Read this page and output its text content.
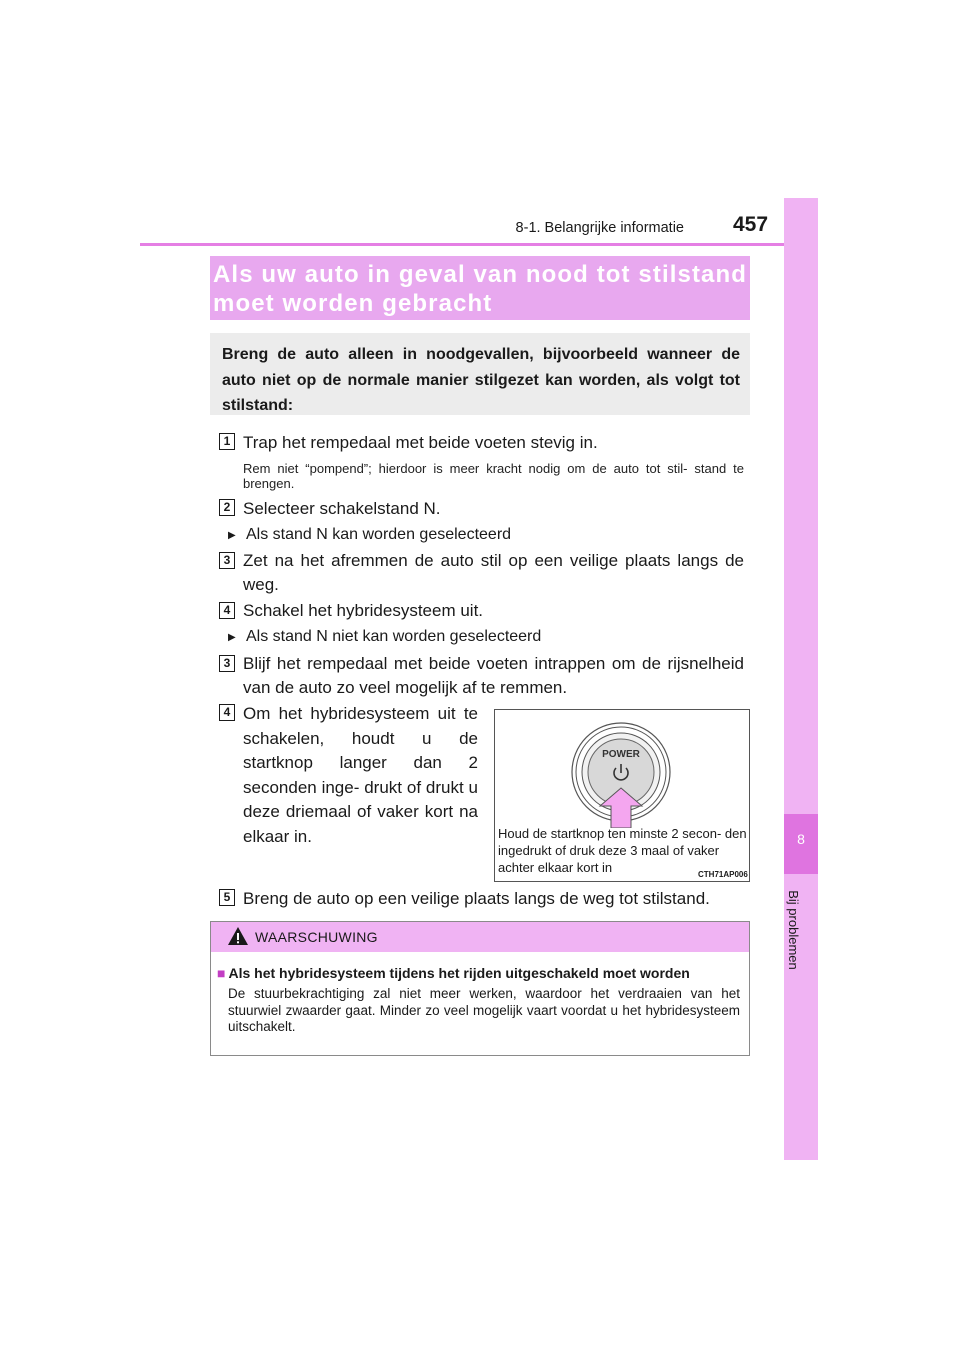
8-1. Belangrijke informatie 457
8
Bij problemen
Als uw auto in geval van nood tot stilstand moet worden gebracht
Breng de auto alleen in noodgevallen, bijvoorbeeld wanneer de auto niet op de normale manier stilgezet kan worden, als volgt tot stilstand:
1 Trap het rempedaal met beide voeten stevig in.
Rem niet “pompend”; hierdoor is meer kracht nodig om de auto tot stil- stand te brengen.
2 Selecteer schakelstand N.
▶ Als stand N kan worden geselecteerd
3 Zet na het afremmen de auto stil op een veilige plaats langs de weg.
4 Schakel het hybridesysteem uit.
▶ Als stand N niet kan worden geselecteerd
3 Blijf het rempedaal met beide voeten intrappen om de rijsnelheid van de auto zo veel mogelijk af te remmen.
4 Om het hybridesysteem uit te schakelen, houdt u de startknop langer dan 2 seconden inge- drukt of drukt u deze driemaal of vaker kort na elkaar in.
POWER
Houd de startknop ten minste 2 secon- den ingedrukt of druk deze 3 maal of vaker achter elkaar kort in	CTH71AP006
5 Breng de auto op een veilige plaats langs de weg tot stilstand.
WAARSCHUWING
■ Als het hybridesysteem tijdens het rijden uitgeschakeld moet worden
De stuurbekrachtiging zal niet meer werken, waardoor het verdraaien van het stuurwiel zwaarder gaat. Minder zo veel mogelijk vaart voordat u het hybridesysteem uitschakelt.
